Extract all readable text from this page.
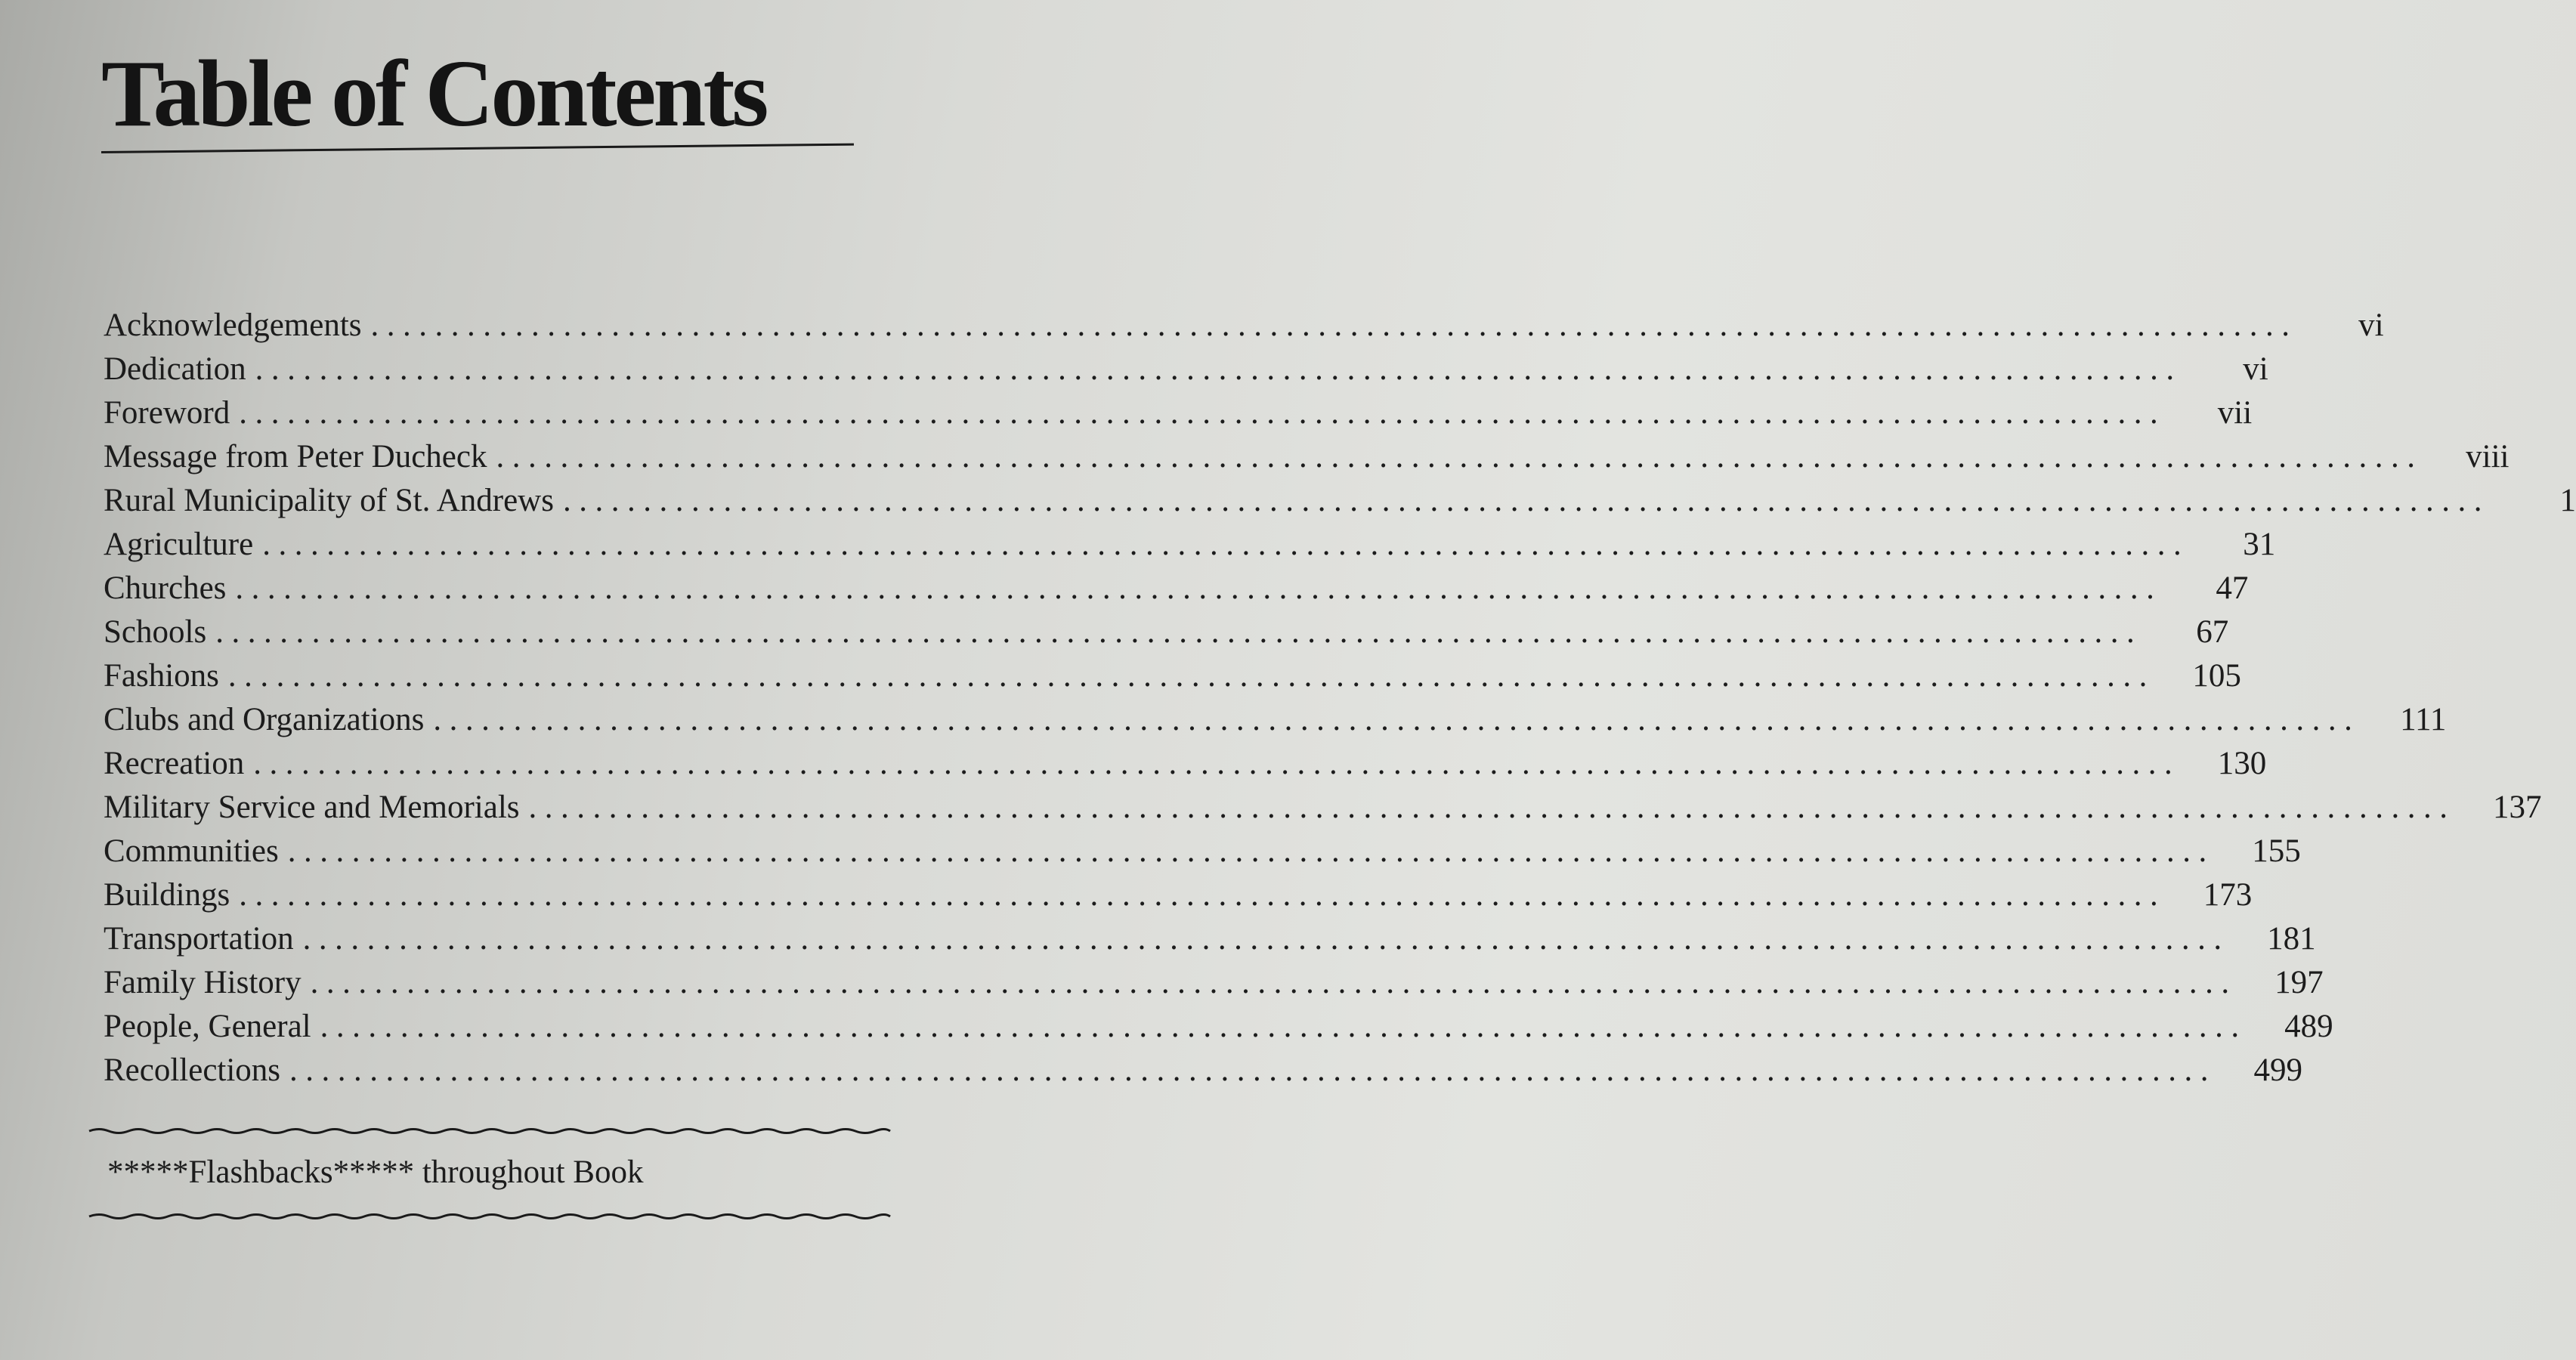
Table of Contents
Acknowledgements ........................................................................................................................	vi
Dedication ........................................................................................................................	vi
Foreword ........................................................................................................................	vii
Message from Peter Ducheck ........................................................................................................................	viii
Rural Municipality of St. Andrews ........................................................................................................................	1
Agriculture ........................................................................................................................	31
Churches ........................................................................................................................	47
Schools ........................................................................................................................	67
Fashions ........................................................................................................................	105
Clubs and Organizations ........................................................................................................................	111
Recreation ........................................................................................................................	130
Military Service and Memorials ........................................................................................................................	137
Communities ........................................................................................................................	155
Buildings ........................................................................................................................	173
Transportation ........................................................................................................................	181
Family History ........................................................................................................................	197
People, General ........................................................................................................................	489
Recollections ........................................................................................................................	499
*****Flashbacks***** throughout Book
